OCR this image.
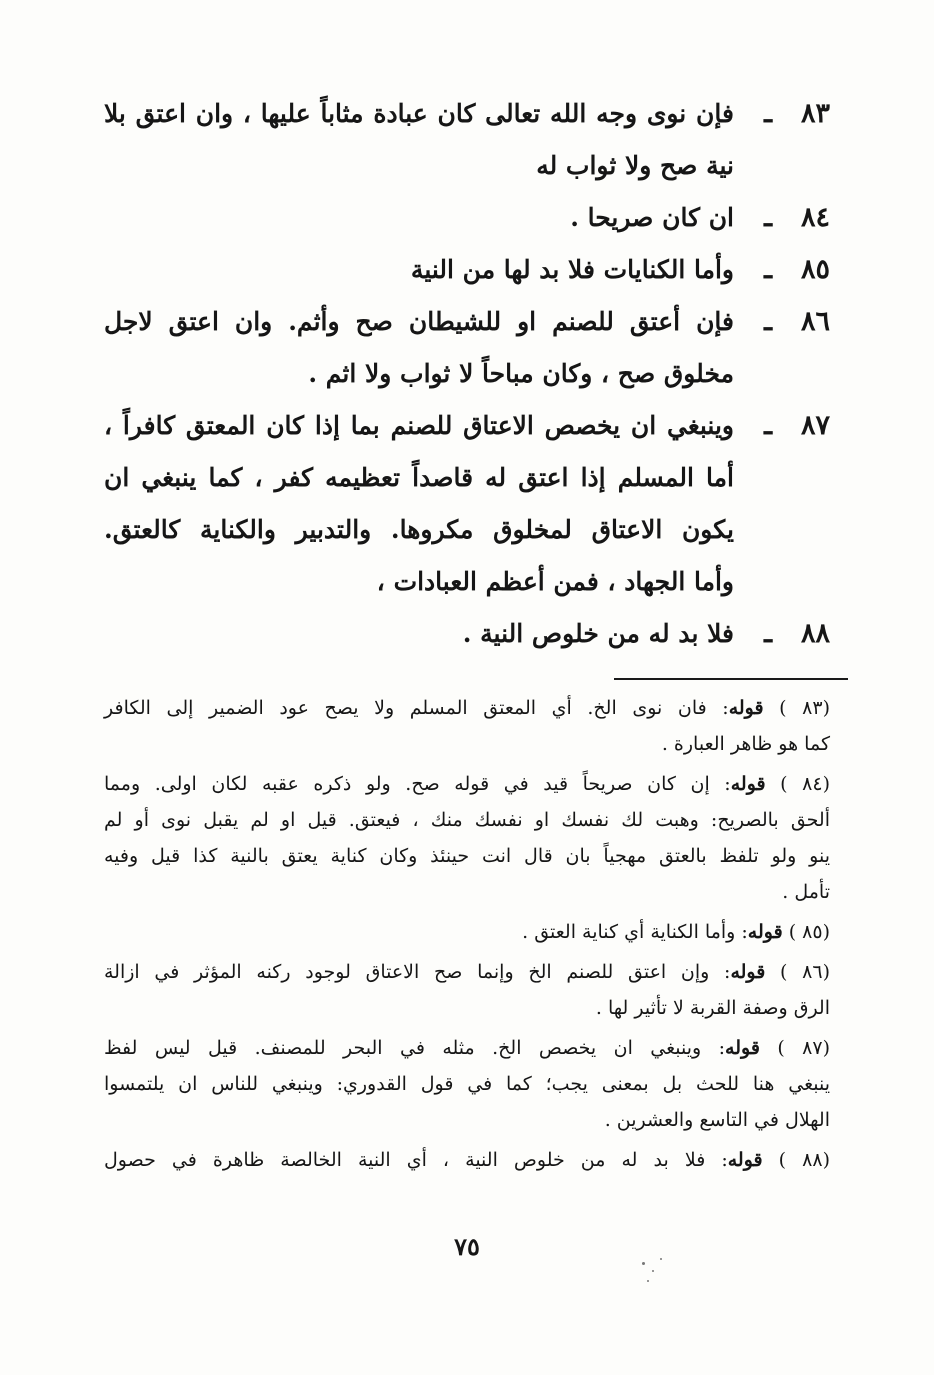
٨٣
ـ
فإن نوى وجه الله تعالى كان عبادة مثاباً عليها ، وان اعتق بلا
نية صح ولا ثواب له
٨٤
ـ
ان كان صريحا .
٨٥
ـ
وأما الكنايات فلا بد لها من النية
٨٦
ـ
فإن أعتق للصنم او للشيطان صح وأثم. وان اعتق لاجل
مخلوق صح ، وكان مباحاً لا ثواب ولا اثم .
٨٧
ـ
وينبغي ان يخصص الاعتاق للصنم بما إذا كان المعتق كافراً ،
أما المسلم إذا اعتق له قاصداً تعظيمه كفر ، كما ينبغي ان
يكون الاعتاق لمخلوق مكروها. والتدبير والكناية كالعتق.
وأما الجهاد ، فمن أعظم العبادات ،
٨٨
ـ
فلا بد له من خلوص النية .
(٨٣ ) قوله: فان نوى الخ. أي المعتق المسلم ولا يصح عود الضمير إلى الكافر
كما هو ظاهر العبارة .
(٨٤ ) قوله: إن كان صريحاً قيد في قوله صح. ولو ذكره عقبه لكان اولى. ومما
ألحق بالصريح: وهبت لك نفسك او نفسك منك ، فيعتق. قيل او لم يقبل نوى أو لم
ينو ولو تلفظ بالعتق مهجياً بان قال انت حينئذ وكان كناية يعتق بالنية كذا قيل وفيه
تأمل .
(٨٥ ) قوله: وأما الكناية أي كناية العتق .
(٨٦ ) قوله: وإن اعتق للصنم الخ وإنما صح الاعتاق لوجود ركنه المؤثر في ازالة
الرق وصفة القربة لا تأثير لها .
(٨٧ ) قوله: وينبغي ان يخصص الخ. مثله في البحر للمصنف. قيل ليس لفظ
ينبغي هنا للحث بل بمعنى يجب؛ كما في قول القدوري: وينبغي للناس ان يلتمسوا
الهلال في التاسع والعشرين .
(٨٨ ) قوله: فلا بد له من خلوص النية ، أي النية الخالصة ظاهرة في حصول
٧٥
